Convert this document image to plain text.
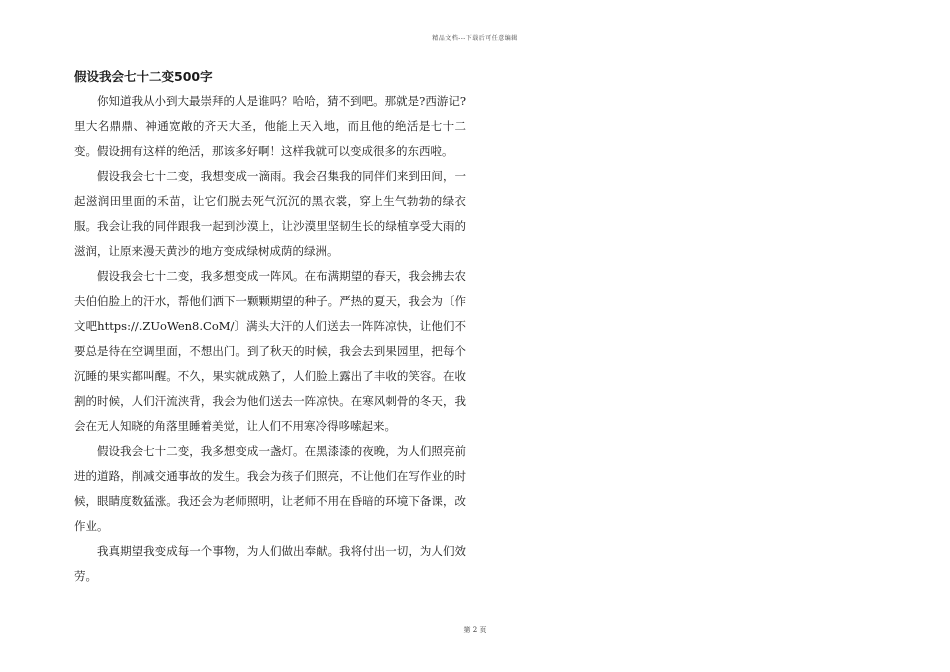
精品文档---下载后可任意编辑
假设我会七十二变500字

你知道我从小到大最崇拜的人是谁吗？哈哈，猜不到吧。那就是?西游记?里大名鼎鼎、神通宽敞的齐天大圣，他能上天入地，而且他的绝活是七十二变。假设拥有这样的绝活，那该多好啊！这样我就可以变成很多的东西啦。

假设我会七十二变，我想变成一滴雨。我会召集我的同伴们来到田间，一起滋润田里面的禾苗，让它们脱去死气沉沉的黑衣裳，穿上生气勃勃的绿衣服。我会让我的同伴跟我一起到沙漠上，让沙漠里坚韧生长的绿植享受大雨的滋润，让原来漫天黄沙的地方变成绿树成荫的绿洲。

假设我会七十二变，我多想变成一阵风。在布满期望的春天，我会拂去农夫伯伯脸上的汗水，帮他们洒下一颗颗期望的种子。严热的夏天，我会为〔作文吧https://.ZUoWen8.CoM/〕满头大汗的人们送去一阵阵凉快，让他们不要总是待在空调里面，不想出门。到了秋天的时候，我会去到果园里，把每个沉睡的果实都叫醒。不久，果实就成熟了，人们脸上露出了丰收的笑容。在收割的时候，人们汗流浃背，我会为他们送去一阵凉快。在寒风刺骨的冬天，我会在无人知晓的角落里睡着美觉，让人们不用寒冷得哆嗦起来。

假设我会七十二变，我多想变成一盏灯。在黑漆漆的夜晚，为人们照亮前进的道路，削减交通事故的发生。我会为孩子们照亮，不让他们在写作业的时候，眼睛度数猛涨。我还会为老师照明，让老师不用在昏暗的环境下备课，改作业。

我真期望我变成每一个事物，为人们做出奉献。我将付出一切，为人们效劳。

第 2 页
